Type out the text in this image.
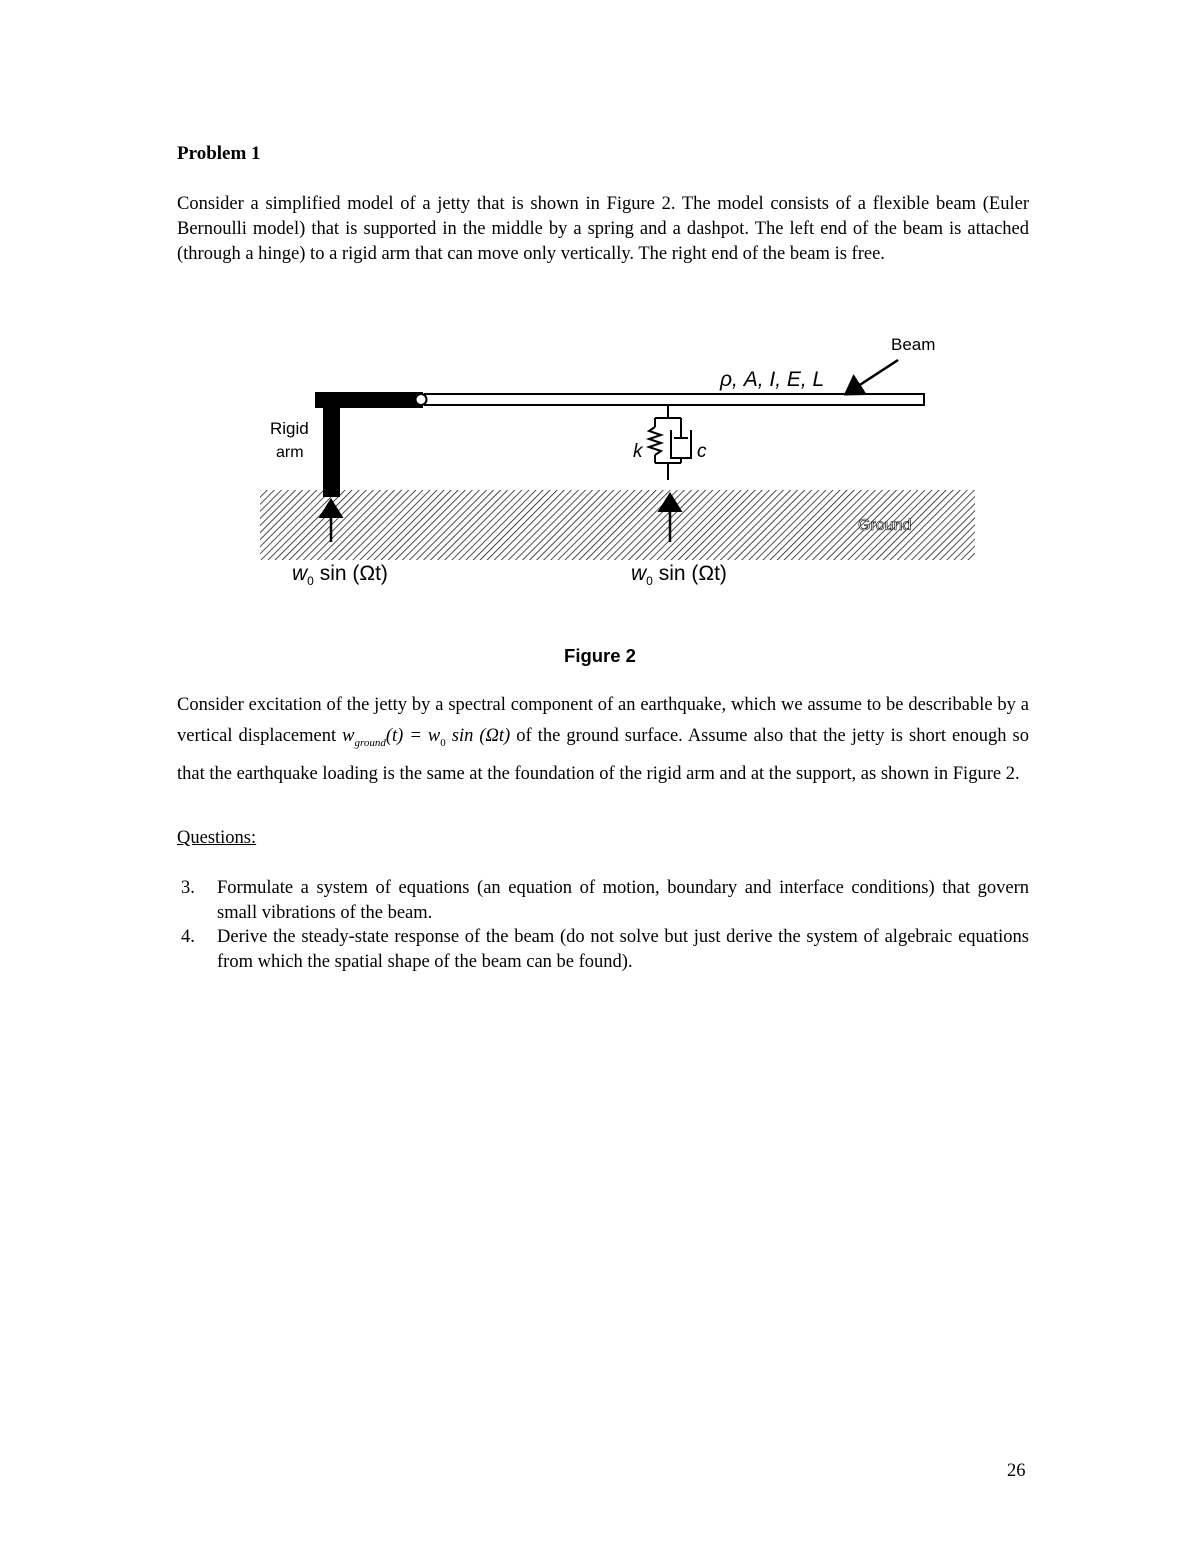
Problem 1
Consider a simplified model of a jetty that is shown in Figure 2. The model consists of a flexible beam (Euler Bernoulli model) that is supported in the middle by a spring and a dashpot. The left end of the beam is attached (through a hinge) to a rigid arm that can move only vertically. The right end of the beam is free.
Ground
Rigid
arm
ρ, A, I, E, L
Beam
k	c
$w_0$ sin (Ωt)	$w_0$ sin (Ωt)
Figure 2
Consider excitation of the jetty by a spectral component of an earthquake, which we assume to be describable by a vertical displacement $w_{ground}(t) = w_0$ sin (Ωt) of the ground surface. Assume also that the jetty is short enough so that the earthquake loading is the same at the foundation of the rigid arm and at the support, as shown in Figure 2.
Questions:
3.	Formulate a system of equations (an equation of motion, boundary and interface conditions) that govern small vibrations of the beam.
4.	Derive the steady-state response of the beam (do not solve but just derive the system of algebraic equations from which the spatial shape of the beam can be found).
26
